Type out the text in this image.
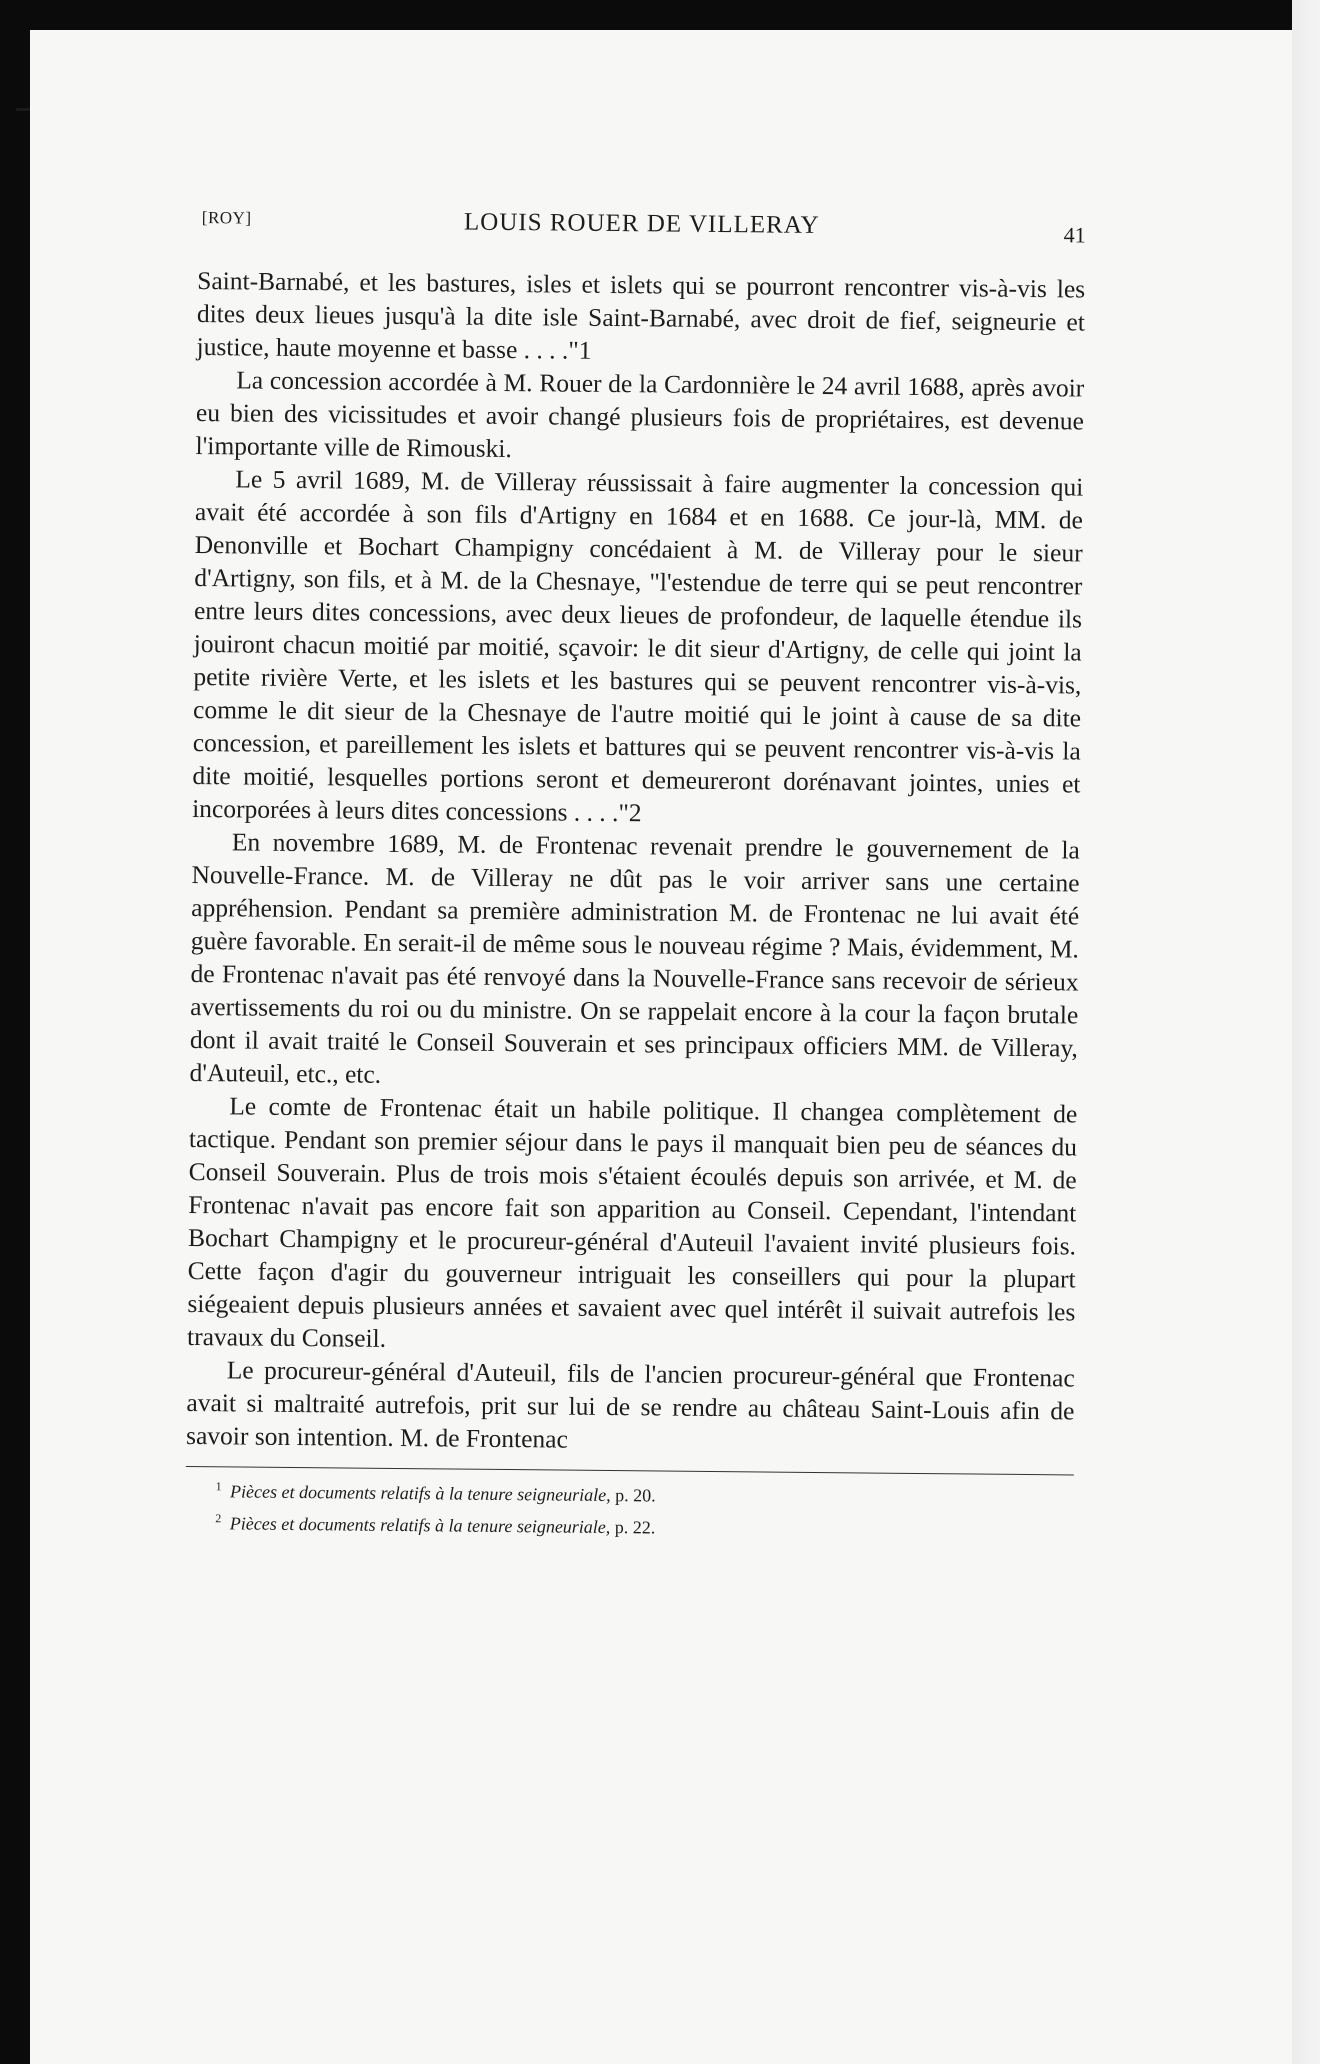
[ROY]	LOUIS ROUER DE VILLERAY	41

Saint-Barnabé, et les bastures, isles et islets qui se pourront rencontrer vis-à-vis les dites deux lieues jusqu'à la dite isle Saint-Barnabé, avec droit de fief, seigneurie et justice, haute moyenne et basse . . . ."1

La concession accordée à M. Rouer de la Cardonnière le 24 avril 1688, après avoir eu bien des vicissitudes et avoir changé plusieurs fois de propriétaires, est devenue l'importante ville de Rimouski.

Le 5 avril 1689, M. de Villeray réussissait à faire augmenter la concession qui avait été accordée à son fils d'Artigny en 1684 et en 1688. Ce jour-là, MM. de Denonville et Bochart Champigny concédaient à M. de Villeray pour le sieur d'Artigny, son fils, et à M. de la Chesnaye, "l'estendue de terre qui se peut rencontrer entre leurs dites concessions, avec deux lieues de profondeur, de laquelle étendue ils jouiront chacun moitié par moitié, sçavoir: le dit sieur d'Artigny, de celle qui joint la petite rivière Verte, et les islets et les bastures qui se peuvent rencontrer vis-à-vis, comme le dit sieur de la Chesnaye de l'autre moitié qui le joint à cause de sa dite concession, et pareillement les islets et battures qui se peuvent rencontrer vis-à-vis la dite moitié, lesquelles portions seront et demeureront dorénavant jointes, unies et incorporées à leurs dites concessions . . . ."2

En novembre 1689, M. de Frontenac revenait prendre le gouvernement de la Nouvelle-France. M. de Villeray ne dût pas le voir arriver sans une certaine appréhension. Pendant sa première administration M. de Frontenac ne lui avait été guère favorable. En serait-il de même sous le nouveau régime ? Mais, évidemment, M. de Frontenac n'avait pas été renvoyé dans la Nouvelle-France sans recevoir de sérieux avertissements du roi ou du ministre. On se rappelait encore à la cour la façon brutale dont il avait traité le Conseil Souverain et ses principaux officiers MM. de Villeray, d'Auteuil, etc., etc.

Le comte de Frontenac était un habile politique. Il changea complètement de tactique. Pendant son premier séjour dans le pays il manquait bien peu de séances du Conseil Souverain. Plus de trois mois s'étaient écoulés depuis son arrivée, et M. de Frontenac n'avait pas encore fait son apparition au Conseil. Cependant, l'intendant Bochart Champigny et le procureur-général d'Auteuil l'avaient invité plusieurs fois. Cette façon d'agir du gouverneur intriguait les conseillers qui pour la plupart siégeaient depuis plusieurs années et savaient avec quel intérêt il suivait autrefois les travaux du Conseil.

Le procureur-général d'Auteuil, fils de l'ancien procureur-général que Frontenac avait si maltraité autrefois, prit sur lui de se rendre au château Saint-Louis afin de savoir son intention. M. de Frontenac

$^1$ Pièces et documents relatifs à la tenure seigneuriale, p. 20.
$^2$ Pièces et documents relatifs à la tenure seigneuriale, p. 22.
